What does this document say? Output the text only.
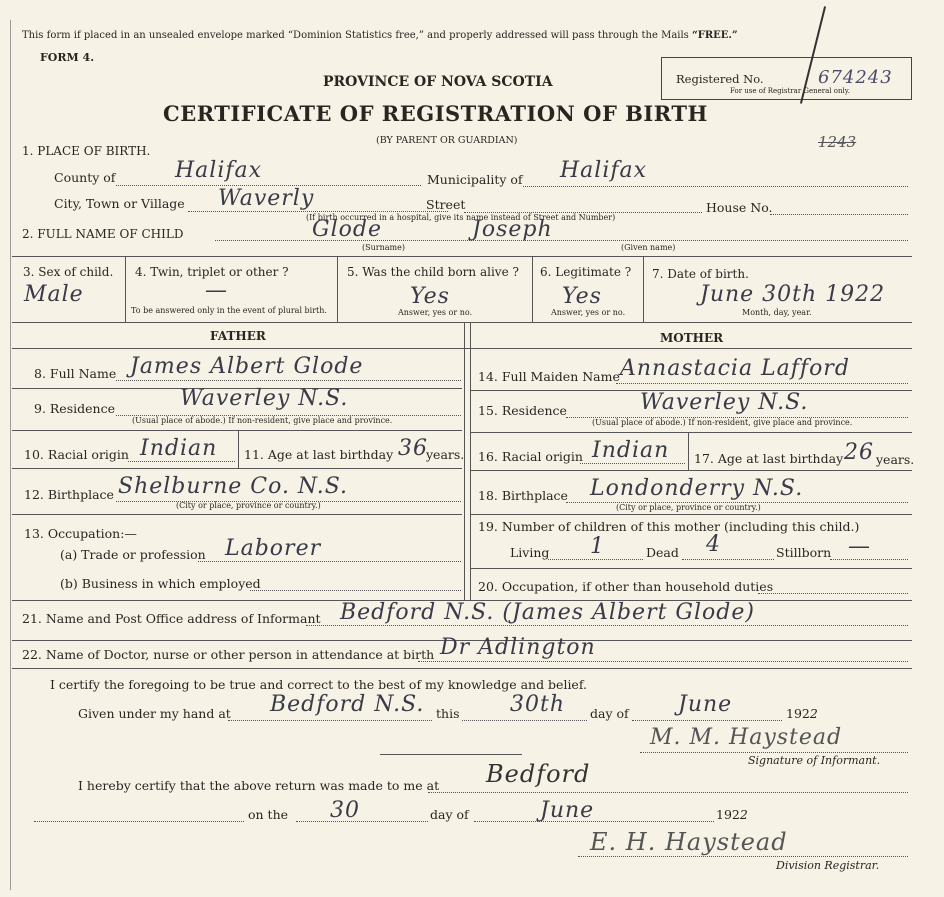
This form if placed in an unsealed envelope marked “Dominion Statistics free,” and properly addressed will pass through the Mails “FREE.”
FORM 4.
PROVINCE OF NOVA SCOTIA
CERTIFICATE OF REGISTRATION OF BIRTH
(BY PARENT OR GUARDIAN)
Registered No.	674243
For use of Registrar General only.
1243
1. PLACE OF BIRTH.
County of	Halifax	Municipality of Halifax
City, Town or Village Waverly	Street	House No.
(If birth occurred in a hospital, give its name instead of Street and Number)
2. FULL NAME OF CHILD	Glode	Joseph
(Surname)	(Given name)
3. Sex of child.
Male
4. Twin, triplet or other ?
—
To be answered only in the event of plural birth.
5. Was the child born alive ?
Yes
Answer, yes or no.
6. Legitimate ?
Yes
Answer, yes or no.
7. Date of birth.
June 30th 1922
Month, day, year.
FATHER	MOTHER
8. Full Name James Albert Glode
9. Residence	Waverley N.S.
(Usual place of abode.) If non-resident, give place and province.
10. Racial origin Indian 11. Age at last birthday 36
years.
12. Birthplace Shelburne Co. N.S.
(City or place, province or country.)
13. Occupation:—
(a) Trade or profession Laborer
(b) Business in which employed
14. Full Maiden Name Annastacia Lafford
15. Residence	Waverley N.S.
(Usual place of abode.) If non-resident, give place and province.
16. Racial origin Indian 17. Age at last birthday 26 years.
18. Birthplace Londonderry N.S.
(City or place, province or country.)
19. Number of children of this mother (including this child.)
Living 1	Dead 4	Stillborn —
20. Occupation, if other than household duties
21. Name and Post Office address of Informant Bedford N.S. (James Albert Glode)
22. Name of Doctor, nurse or other person in attendance at birth Dr Adlington
I certify the foregoing to be true and correct to the best of my knowledge and belief.
Given under my hand at Bedford N.S. this 30th day of June	1922
M. M. Haystead
Signature of Informant.
I hereby certify that the above return was made to me at Bedford
on the 30	day of	June	1922
E. H. Haystead
Division Registrar.
